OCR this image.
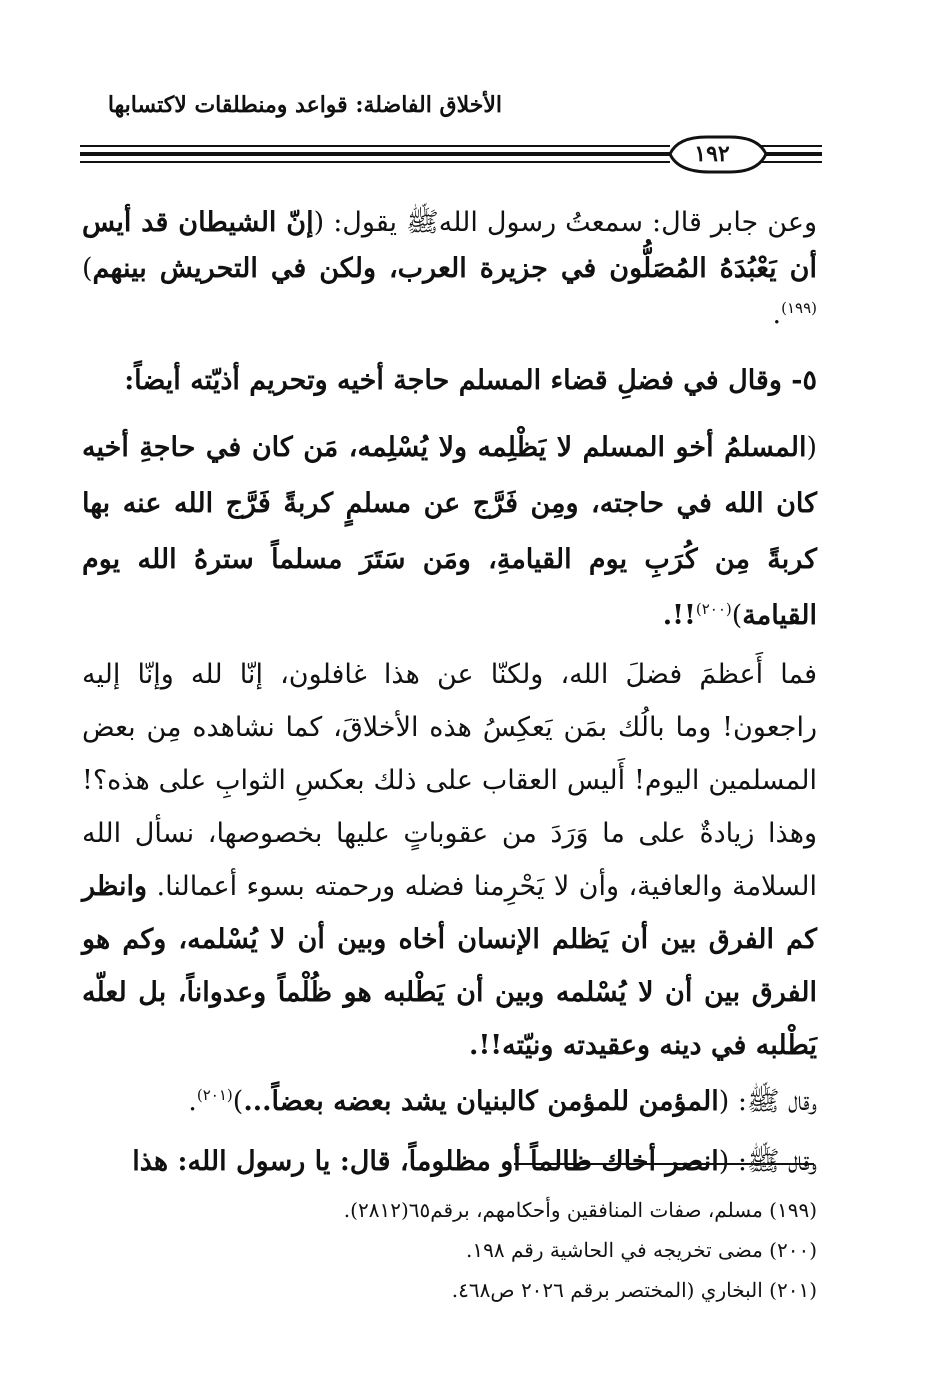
الأخلاق الفاضلة: قواعد ومنطلقات لاكتسابها
١٩٢

وعن جابر قال: سمعتُ رسول اللهﷺ يقول: (إنّ الشيطان قد أيس أن يَعْبُدَهُ المُصَلُّون في جزيرة العرب، ولكن في التحريش بينهم)$^{(١٩٩)}$.

٥- وقال في فضلِ قضاء المسلم حاجة أخيه وتحريم أذيّته أيضاً:

(المسلمُ أخو المسلم لا يَظْلِمه ولا يُسْلِمه، مَن كان في حاجةِ أخيه كان الله في حاجته، ومِن فَرَّج عن مسلمٍ كربةً فَرَّج الله عنه بها كربةً مِن كُرَبِ يوم القيامةِ، ومَن سَتَرَ مسلماً سترهُ الله يوم القيامة)$^{(٢٠٠)}$!!.

فما أَعظمَ فضلَ الله، ولكنّا عن هذا غافلون، إنّا لله وإنّا إليه راجعون! وما بالُك بمَن يَعكِسُ هذه الأخلاقَ، كما نشاهده مِن بعض المسلمين اليوم! أَليس العقاب على ذلك بعكسِ الثوابِ على هذه؟! وهذا زيادةٌ على ما وَرَدَ من عقوباتٍ عليها بخصوصها، نسأل الله السلامة والعافية، وأن لا يَحْرِمنا فضله ورحمته بسوء أعمالنا. وانظر كم الفرق بين أن يَظلم الإنسان أخاه وبين أن لا يُسْلمه، وكم هو الفرق بين أن لا يُسْلمه وبين أن يَطْلبه هو ظُلْماً وعدواناً، بل لعلّه يَطْلبه في دينه وعقيدته ونيّته!!.

وقال ﷺ: (المؤمن للمؤمن كالبنيان يشد بعضه بعضاً...)$^{(٢٠١)}$.

وقال ﷺ: (انصر أخاك ظالماً أو مظلوماً، قال: يا رسول الله: هذا

(١٩٩) مسلم، صفات المنافقين وأحكامهم، برقم٦٥(٢٨١٢).
(٢٠٠) مضى تخريجه في الحاشية رقم ١٩٨.
(٢٠١) البخاري (المختصر برقم ٢٠٢٦ ص٤٦٨.
